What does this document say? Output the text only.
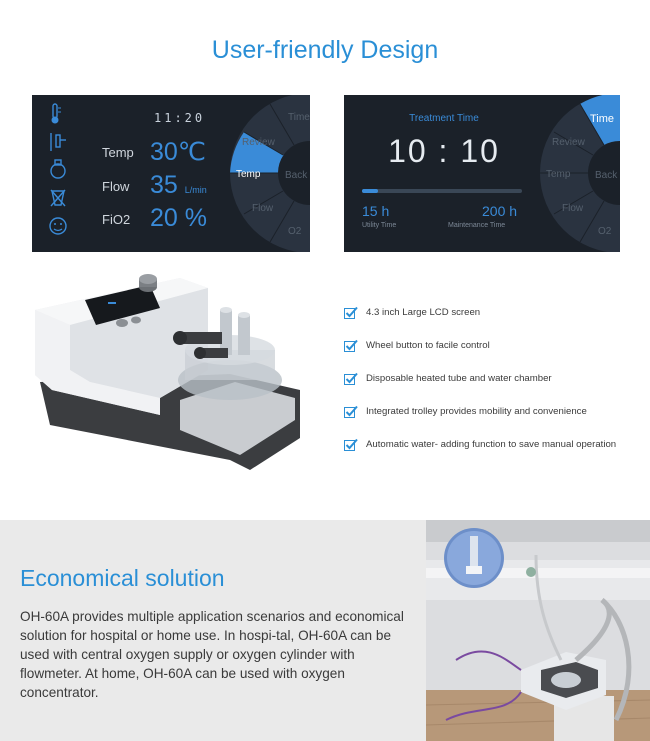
User-friendly Design
11:20
Temp 30℃
Flow 35 L/min
FiO2 20 %
Time
Review
Temp Back
Flow
O2
Treatment Time
10 : 10
15 h
Utility Time
200 h
Maintenance Time
Time
Review
Temp Back
Flow
O2
4.3 inch Large LCD screen
Wheel button to facile control
Disposable heated tube and water chamber
Integrated trolley provides mobility and convenience
Automatic water- adding function to save manual operation
Economical solution
OH-60A provides multiple application scenarios and economical solution for hospital or home use. In hospi-tal, OH-60A can be used with central oxygen supply or oxygen cylinder with flowmeter. At home, OH-60A can be used with oxygen concentrator.
